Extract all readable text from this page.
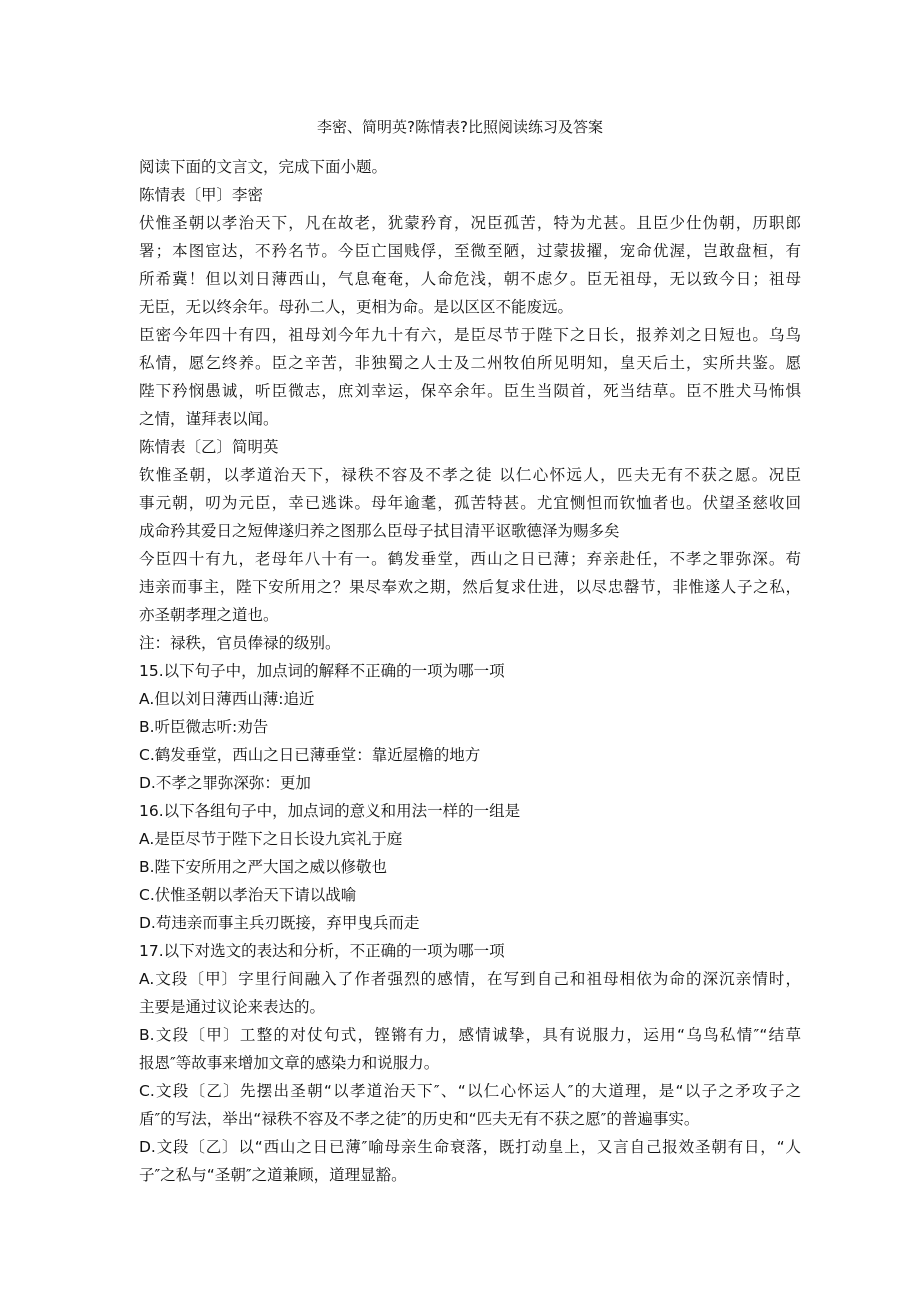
李密、简明英?陈情表?比照阅读练习及答案
阅读下面的文言文，完成下面小题。
陈情表〔甲〕李密
伏惟圣朝以孝治天下，凡在故老，犹蒙矜育，况臣孤苦，特为尤甚。且臣少仕伪朝，历职郎
署；本图宦达，不矜名节。今臣亡国贱俘，至微至陋，过蒙拔擢，宠命优渥，岂敢盘桓，有
所希冀！但以刘日薄西山，气息奄奄，人命危浅，朝不虑夕。臣无祖母，无以致今日；祖母
无臣，无以终余年。母孙二人，更相为命。是以区区不能废远。
臣密今年四十有四，祖母刘今年九十有六，是臣尽节于陛下之日长，报养刘之日短也。乌鸟
私情，愿乞终养。臣之辛苦，非独蜀之人士及二州牧伯所见明知，皇天后土，实所共鉴。愿
陛下矜悯愚诚，听臣微志，庶刘幸运，保卒余年。臣生当陨首，死当结草。臣不胜犬马怖惧
之情，谨拜表以闻。
陈情表〔乙〕简明英
钦惟圣朝，以孝道治天下，禄秩不容及不孝之徒 以仁心怀远人，匹夫无有不获之愿。况臣
事元朝，叨为元臣，幸已逃诛。母年逾耄，孤苦特甚。尤宜恻怛而钦恤者也。伏望圣慈收回
成命矜其爱日之短俾遂归养之图那么臣母子拭目清平讴歌德泽为赐多矣
今臣四十有九，老母年八十有一。鹤发垂堂，西山之日已薄；弃亲赴任，不孝之罪弥深。苟
违亲而事主，陛下安所用之？果尽奉欢之期，然后复求仕进，以尽忠罄节，非惟遂人子之私，
亦圣朝孝理之道也。
注：禄秩，官员俸禄的级别。
15.以下句子中，加点词的解释不正确的一项为哪一项
A.但以刘日薄西山薄:追近
B.听臣微志听:劝告
C.鹤发垂堂，西山之日已薄垂堂：靠近屋檐的地方
D.不孝之罪弥深弥：更加
16.以下各组句子中，加点词的意义和用法一样的一组是
A.是臣尽节于陛下之日长设九宾礼于庭
B.陛下安所用之严大国之威以修敬也
C.伏惟圣朝以孝治天下请以战喻
D.苟违亲而事主兵刃既接，弃甲曳兵而走
17.以下对选文的表达和分析，不正确的一项为哪一项
A.文段〔甲〕字里行间融入了作者强烈的感情，在写到自己和祖母相依为命的深沉亲情时，
主要是通过议论来表达的。
B.文段〔甲〕工整的对仗句式，铿锵有力，感情诚挚，具有说服力，运用“乌鸟私情″“结草
报恩″等故事来增加文章的感染力和说服力。
C.文段〔乙〕先摆出圣朝“以孝道治天下″、“以仁心怀运人″的大道理，是“以子之矛攻子之
盾″的写法，举出“禄秩不容及不孝之徒″的历史和“匹夫无有不获之愿″的普遍事实。
D.文段〔乙〕以“西山之日已薄″喻母亲生命衰落，既打动皇上，又言自己报效圣朝有日，“人
子″之私与“圣朝″之道兼顾，道理显豁。
